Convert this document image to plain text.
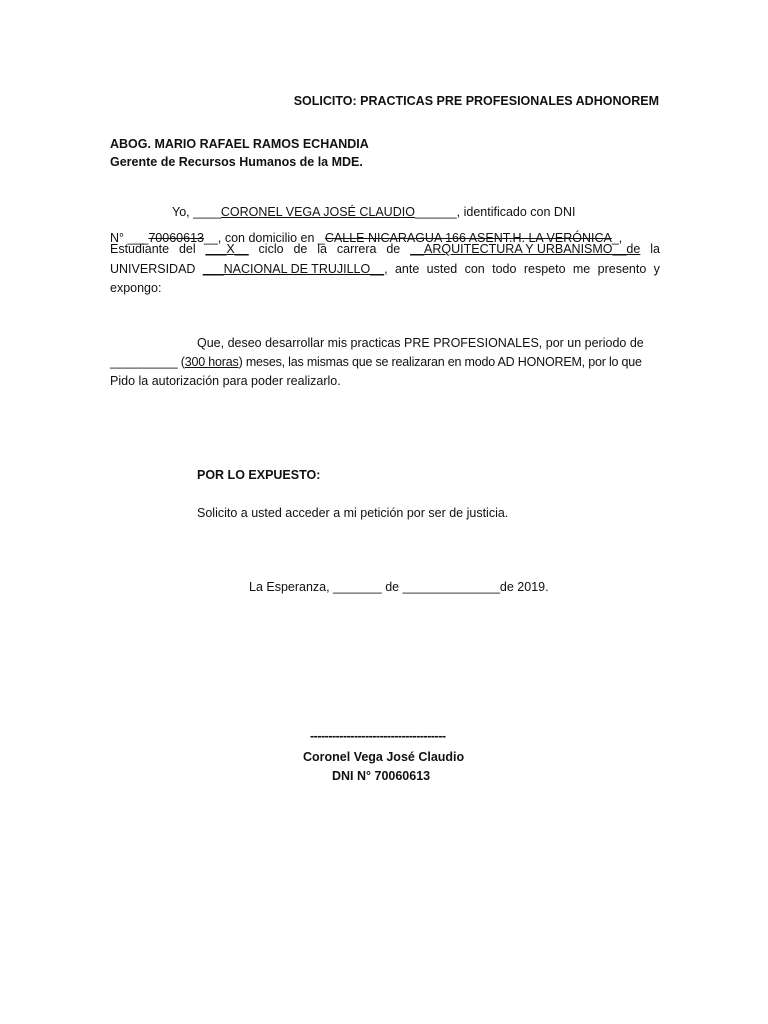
SOLICITO: PRACTICAS PRE PROFESIONALES ADHONOREM
ABOG. MARIO RAFAEL RAMOS ECHANDIA
Gerente de Recursos Humanos de la MDE.
Yo, ____CORONEL VEGA JOSÉ CLAUDIO______, identificado con DNI
N° ___70060613__, con domicilio en _CALLE NICARAGUA 166 ASENT.H. LA VERÓNICA_,
Estudiante del ___X__ ciclo de la carrera de __ARQUITECTURA Y URBANISMO__de la
UNIVERSIDAD ___NACIONAL DE TRUJILLO__, ante usted con todo respeto me presento y
expongo:
Que, deseo desarrollar mis practicas PRE PROFESIONALES, por un periodo de
__________ (300 horas) meses, las mismas que se realizaran en modo AD HONOREM, por lo que
Pido la autorización para poder realizarlo.
POR LO EXPUESTO:
Solicito a usted acceder a mi petición por ser de justicia.
La Esperanza, _______ de ______________de 2019.
-------------------------------------
Coronel Vega José Claudio
DNI N° 70060613
